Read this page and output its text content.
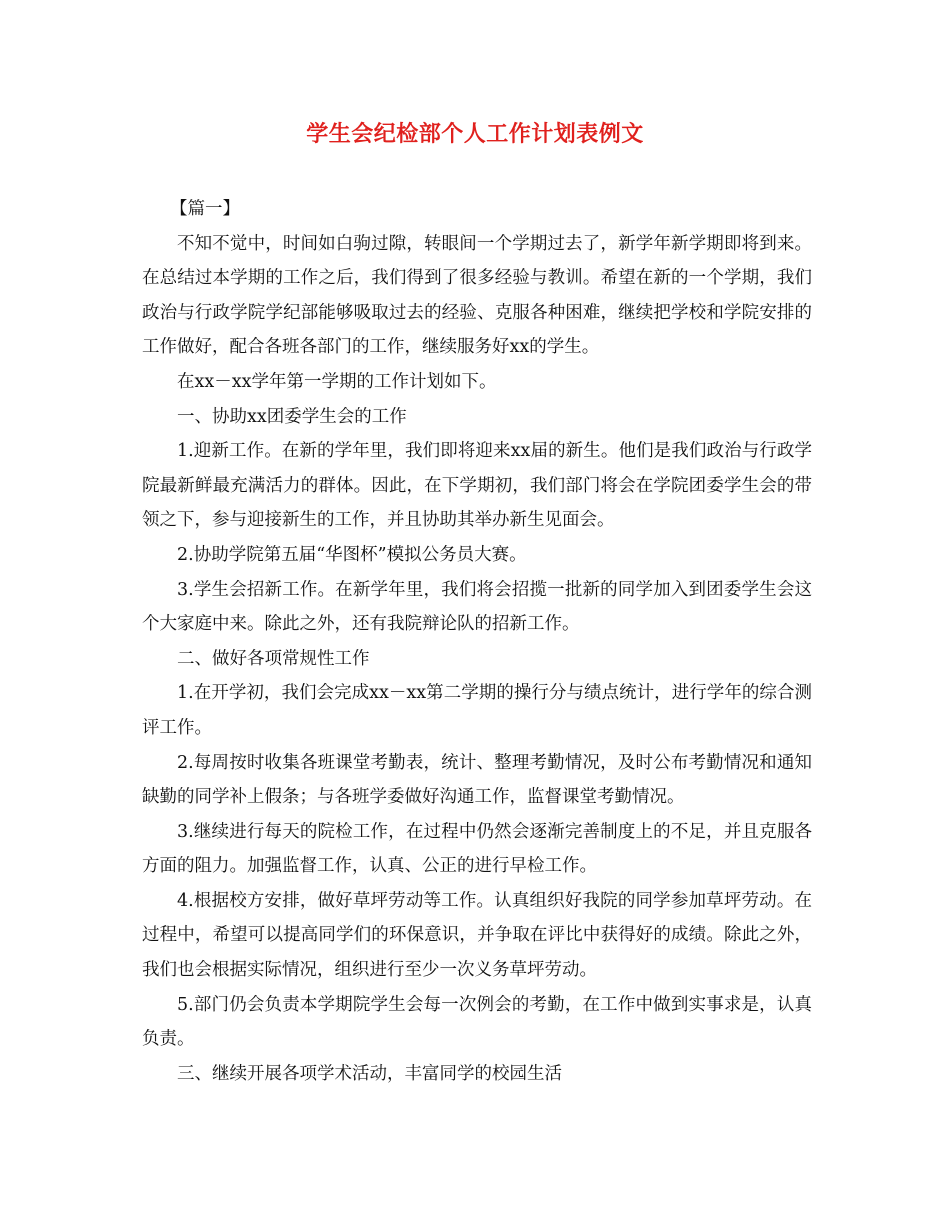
学生会纪检部个人工作计划表例文

【篇一】

不知不觉中，时间如白驹过隙，转眼间一个学期过去了，新学年新学期即将到来。在总结过本学期的工作之后，我们得到了很多经验与教训。希望在新的一个学期，我们政治与行政学院学纪部能够吸取过去的经验、克服各种困难，继续把学校和学院安排的工作做好，配合各班各部门的工作，继续服务好xx的学生。

在xx－xx学年第一学期的工作计划如下。

一、协助xx团委学生会的工作

1.迎新工作。在新的学年里，我们即将迎来xx届的新生。他们是我们政治与行政学院最新鲜最充满活力的群体。因此，在下学期初，我们部门将会在学院团委学生会的带领之下，参与迎接新生的工作，并且协助其举办新生见面会。

2.协助学院第五届“华图杯”模拟公务员大赛。

3.学生会招新工作。在新学年里，我们将会招揽一批新的同学加入到团委学生会这个大家庭中来。除此之外，还有我院辩论队的招新工作。

二、做好各项常规性工作

1.在开学初，我们会完成xx－xx第二学期的操行分与绩点统计，进行学年的综合测评工作。

2.每周按时收集各班课堂考勤表，统计、整理考勤情况，及时公布考勤情况和通知缺勤的同学补上假条；与各班学委做好沟通工作，监督课堂考勤情况。

3.继续进行每天的院检工作，在过程中仍然会逐渐完善制度上的不足，并且克服各方面的阻力。加强监督工作，认真、公正的进行早检工作。

4.根据校方安排，做好草坪劳动等工作。认真组织好我院的同学参加草坪劳动。在过程中，希望可以提高同学们的环保意识，并争取在评比中获得好的成绩。除此之外，我们也会根据实际情况，组织进行至少一次义务草坪劳动。

5.部门仍会负责本学期院学生会每一次例会的考勤，在工作中做到实事求是，认真负责。

三、继续开展各项学术活动，丰富同学的校园生活
